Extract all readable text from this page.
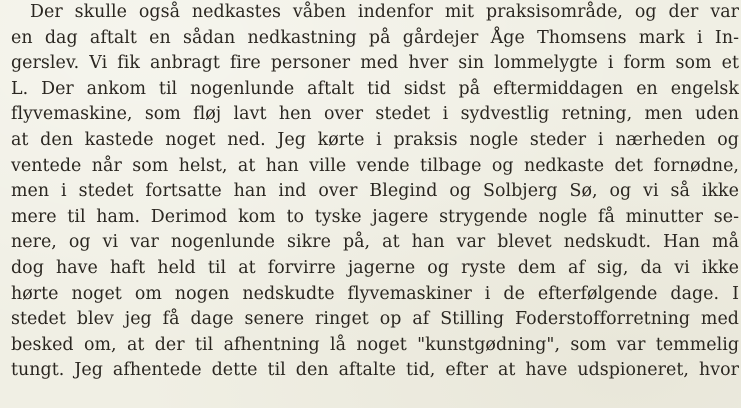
Der skulle også nedkastes våben indenfor mit praksisområde, og der var
en dag aftalt en sådan nedkastning på gårdejer Åge Thomsens mark i In-
gerslev. Vi fik anbragt fire personer med hver sin lommelygte i form som et
L. Der ankom til nogenlunde aftalt tid sidst på eftermiddagen en engelsk
flyvemaskine, som fløj lavt hen over stedet i sydvestlig retning, men uden
at den kastede noget ned. Jeg kørte i praksis nogle steder i nærheden og
ventede når som helst, at han ville vende tilbage og nedkaste det fornødne,
men i stedet fortsatte han ind over Blegind og Solbjerg Sø, og vi så ikke
mere til ham. Derimod kom to tyske jagere strygende nogle få minutter se-
nere, og vi var nogenlunde sikre på, at han var blevet nedskudt. Han må
dog have haft held til at forvirre jagerne og ryste dem af sig, da vi ikke
hørte noget om nogen nedskudte flyvemaskiner i de efterfølgende dage. I
stedet blev jeg få dage senere ringet op af Stilling Foderstofforretning med
besked om, at der til afhentning lå noget "kunstgødning", som var temmelig
tungt. Jeg afhentede dette til den aftalte tid, efter at have udspioneret, hvor
